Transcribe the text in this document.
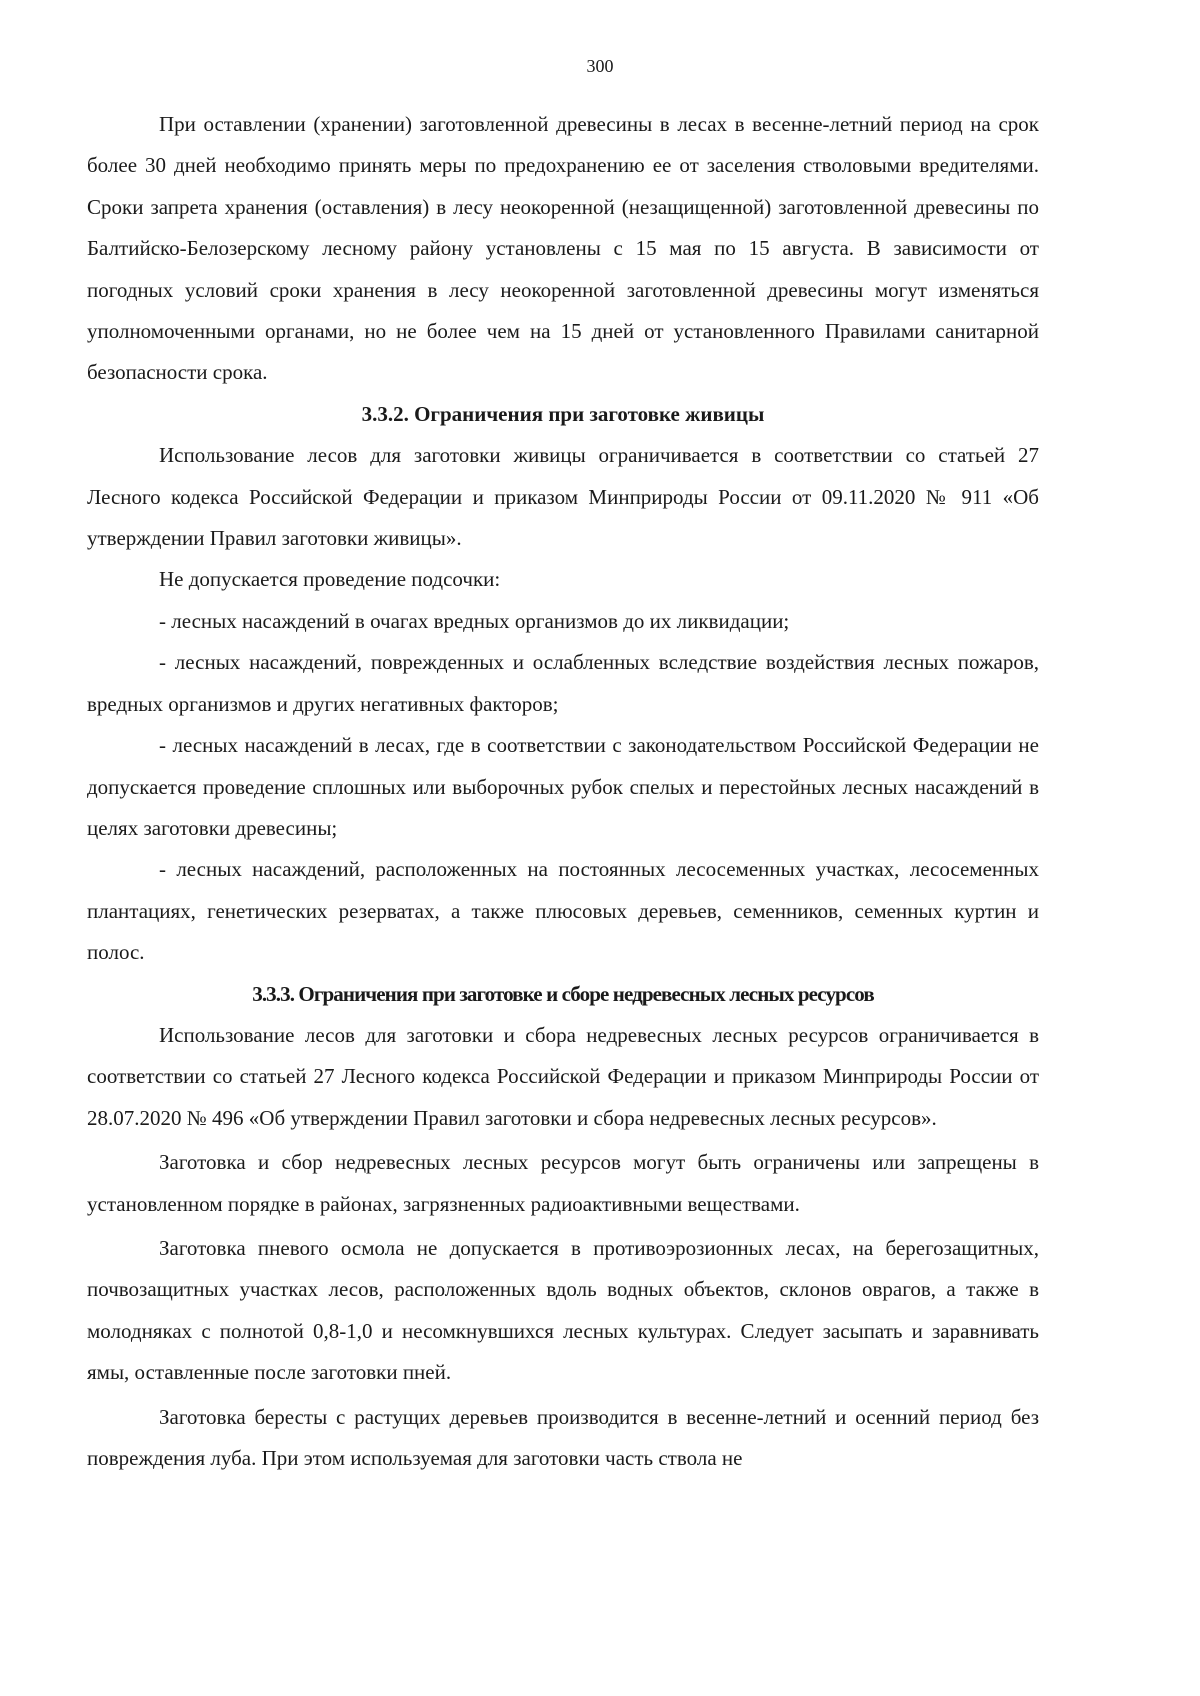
300

При оставлении (хранении) заготовленной древесины в лесах в весенне-летний период на срок более 30 дней необходимо принять меры по предохранению ее от заселения стволовыми вредителями. Сроки запрета хранения (оставления) в лесу неокоренной (незащищенной) заготовленной древесины по Балтийско-Белозерскому лесному району установлены с 15 мая по 15 августа. В зависимости от погодных условий сроки хранения в лесу неокоренной заготовленной древесины могут изменяться уполномоченными органами, но не более чем на 15 дней от установленного Правилами санитарной безопасности срока.

3.3.2. Ограничения при заготовке живицы

Использование лесов для заготовки живицы ограничивается в соответствии со статьей 27 Лесного кодекса Российской Федерации и приказом Минприроды России от 09.11.2020 № 911 «Об утверждении Правил заготовки живицы».

Не допускается проведение подсочки:

- лесных насаждений в очагах вредных организмов до их ликвидации;

- лесных насаждений, поврежденных и ослабленных вследствие воздействия лесных пожаров, вредных организмов и других негативных факторов;

- лесных насаждений в лесах, где в соответствии с законодательством Российской Федерации не допускается проведение сплошных или выборочных рубок спелых и перестойных лесных насаждений в целях заготовки древесины;

- лесных насаждений, расположенных на постоянных лесосеменных участках, лесосеменных плантациях, генетических резерватах, а также плюсовых деревьев, семенников, семенных куртин и полос.

3.3.3. Ограничения при заготовке и сборе недревесных лесных ресурсов

Использование лесов для заготовки и сбора недревесных лесных ресурсов ограничивается в соответствии со статьей 27 Лесного кодекса Российской Федерации и приказом Минприроды России от 28.07.2020 № 496 «Об утверждении Правил заготовки и сбора недревесных лесных ресурсов».

Заготовка и сбор недревесных лесных ресурсов могут быть ограничены или запрещены в установленном порядке в районах, загрязненных радиоактивными веществами.

Заготовка пневого осмола не допускается в противоэрозионных лесах, на берегозащитных, почвозащитных участках лесов, расположенных вдоль водных объектов, склонов оврагов, а также в молодняках с полнотой 0,8-1,0 и несомкнувшихся лесных культурах. Следует засыпать и заравнивать ямы, оставленные после заготовки пней.

Заготовка бересты с растущих деревьев производится в весенне-летний и осенний период без повреждения луба. При этом используемая для заготовки часть ствола не
